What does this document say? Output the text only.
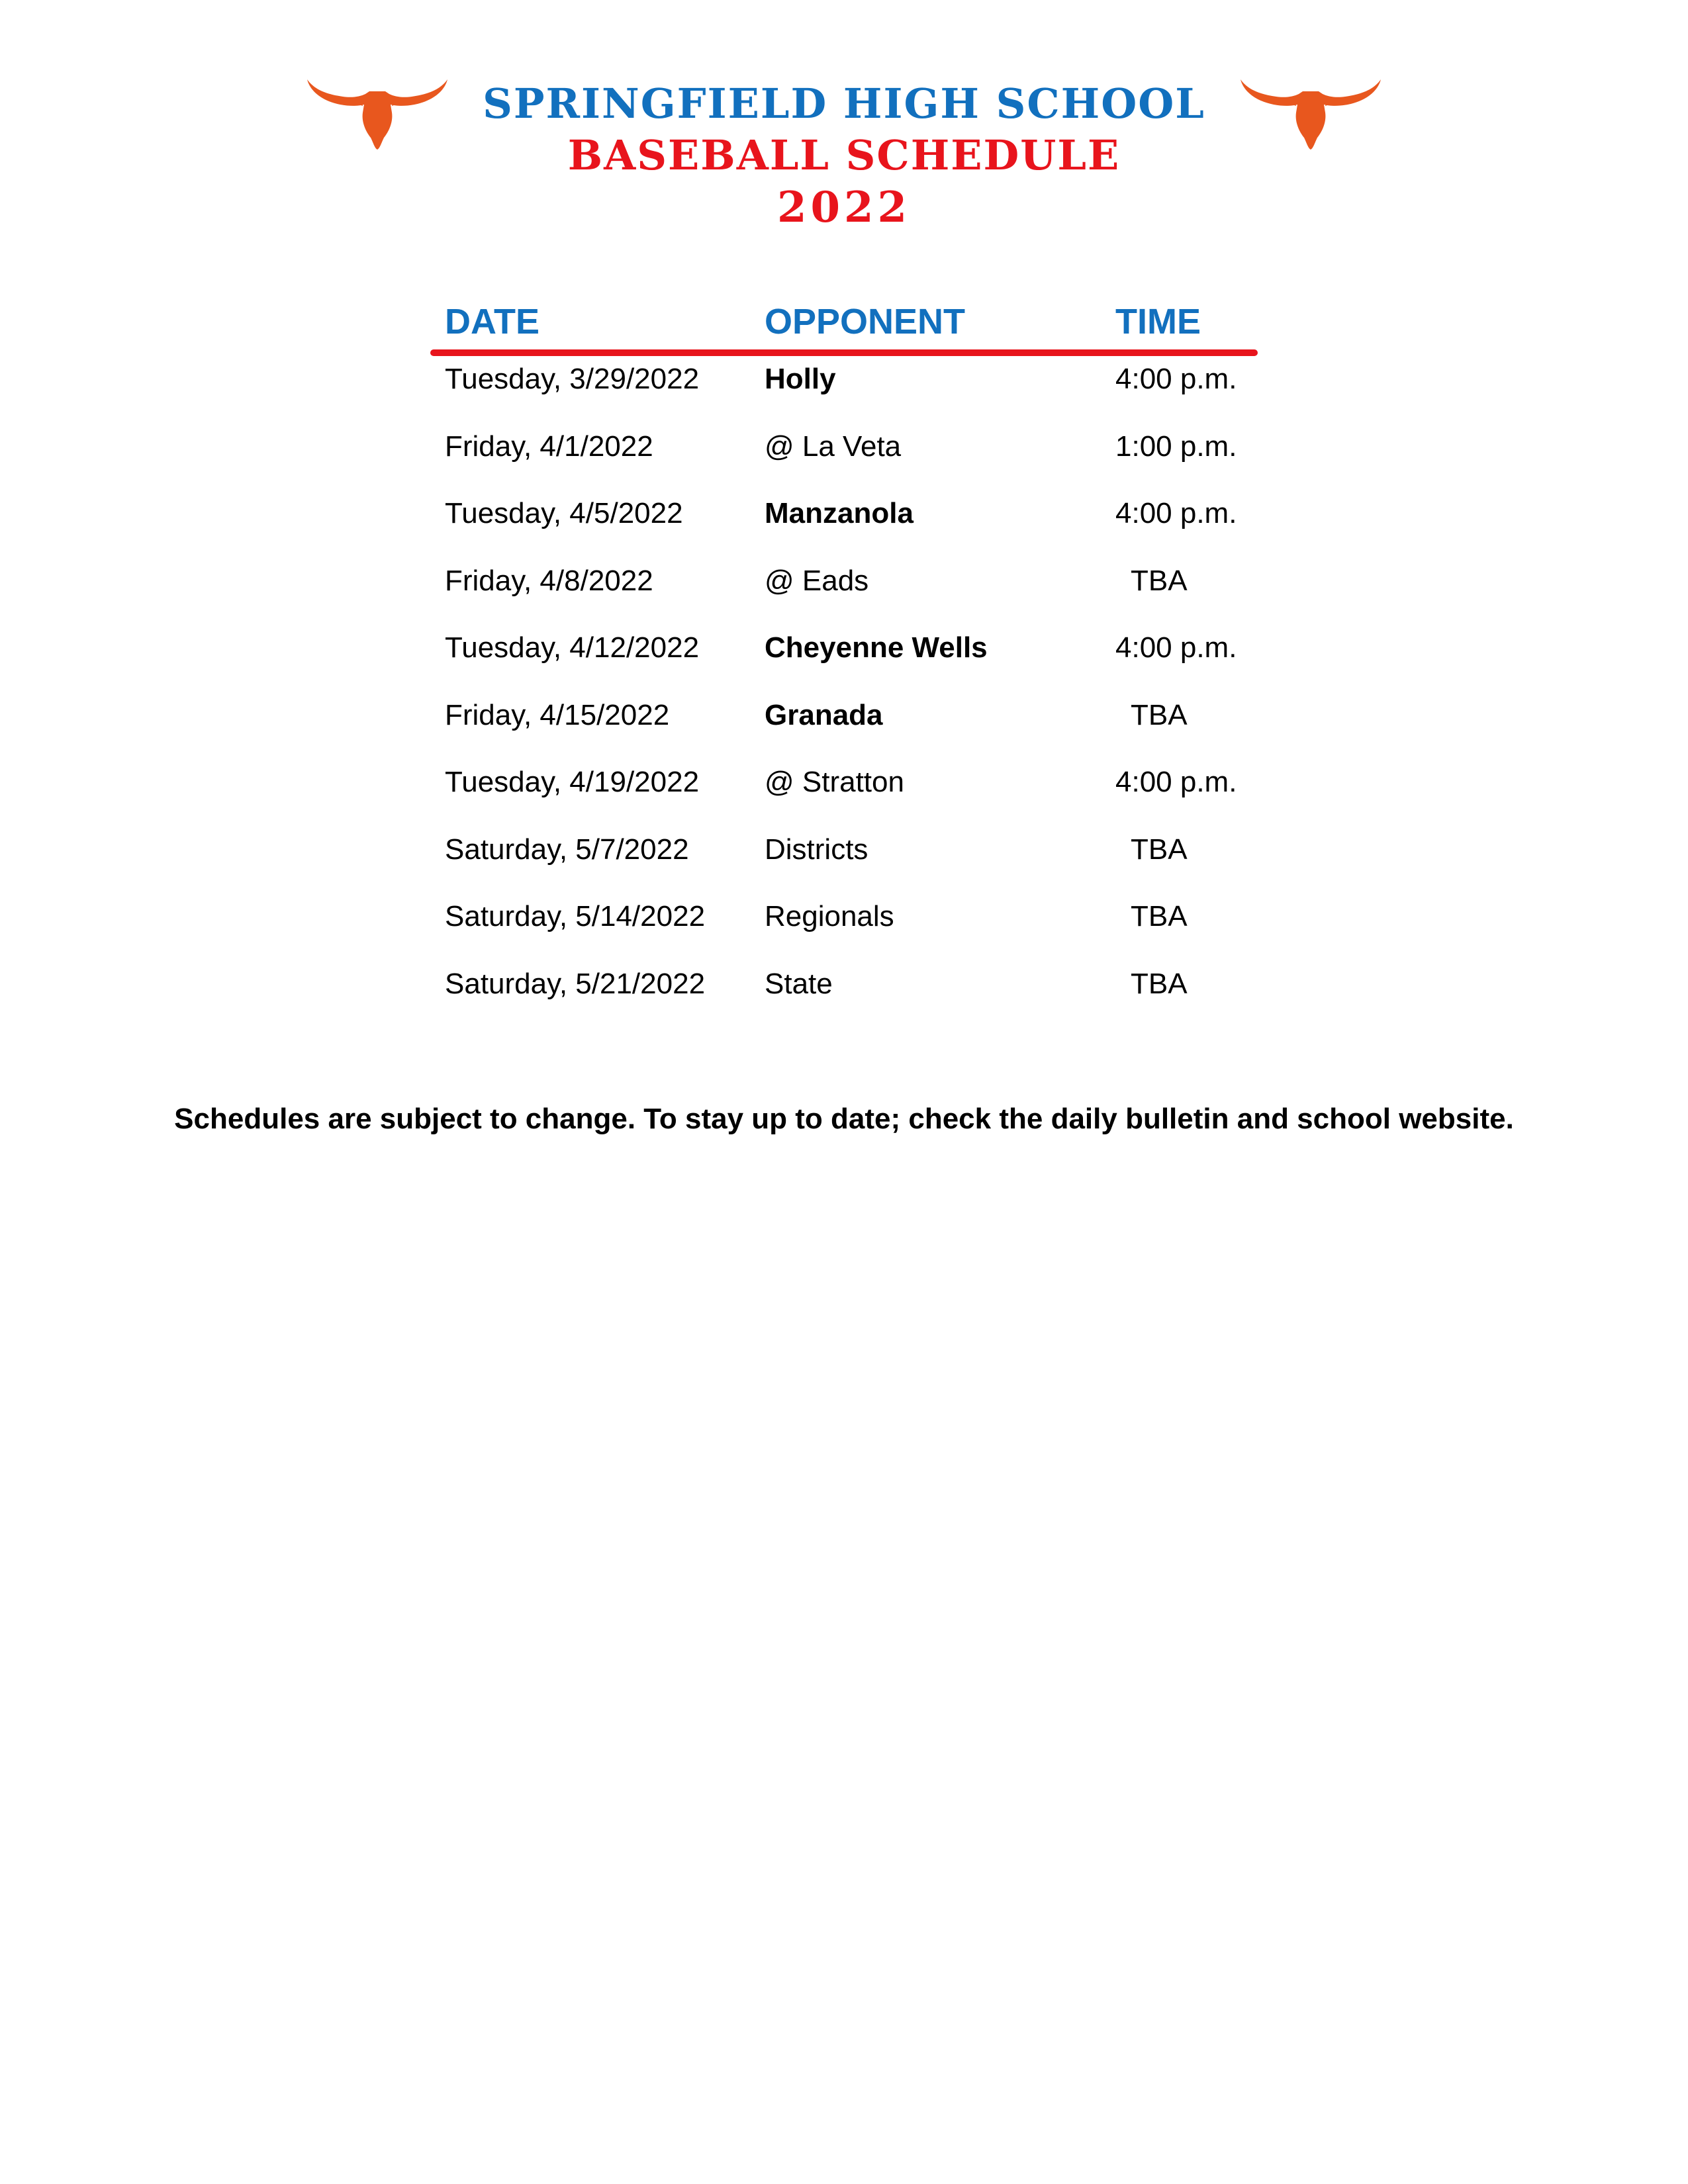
SPRINGFIELD HIGH SCHOOL
BASEBALL SCHEDULE
2022
DATE	OPPONENT	TIME
Tuesday, 3/29/2022 Holly	4:00 p.m.
Friday, 4/1/2022	@ La Veta	1:00 p.m.
Tuesday, 4/5/2022	Manzanola	4:00 p.m.
Friday, 4/8/2022	@ Eads	TBA
Tuesday, 4/12/2022 Cheyenne Wells	4:00 p.m.
Friday, 4/15/2022	Granada	TBA
Tuesday, 4/19/2022 @ Stratton	4:00 p.m.
Saturday, 5/7/2022	Districts	TBA
Saturday, 5/14/2022 Regionals	TBA
Saturday, 5/21/2022 State	TBA

Schedules are subject to change. To stay up to date; check the daily bulletin and school website.
